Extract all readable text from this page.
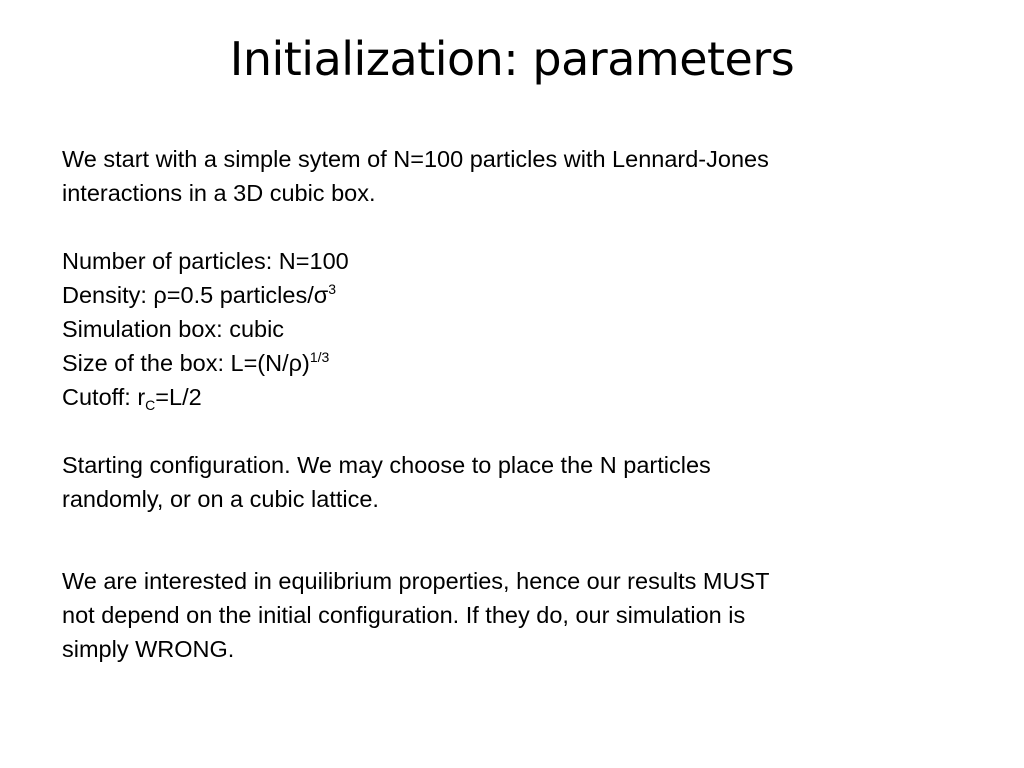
Initialization: parameters
We start with a simple sytem of N=100 particles with Lennard-Jones
interactions in a 3D cubic box.
Number of particles: N=100
Density: ρ=0.5 particles/$\sigma^3$
Simulation box: cubic
Size of the box: $L=(N/\rho)^{1/3}$
Cutoff: $r_C=L/2$
Starting configuration. We may choose to place the N particles
randomly, or on a cubic lattice.
We are interested in equilibrium properties, hence our results MUST
not depend on the initial configuration. If they do, our simulation is
simply WRONG.
